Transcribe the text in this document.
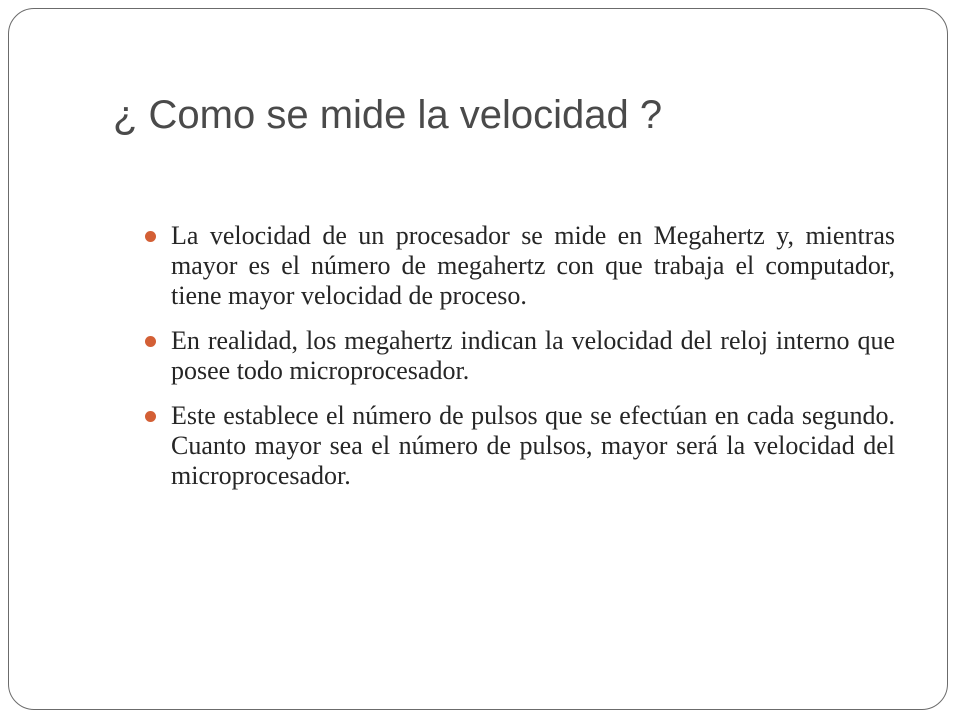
¿ Como se mide la velocidad ?
La velocidad de un procesador se mide en Megahertz y, mientras mayor es el número de megahertz con que trabaja el computador, tiene mayor velocidad de proceso.
En realidad, los megahertz indican la velocidad del reloj interno que posee todo microprocesador.
Este establece el número de pulsos que se efectúan en cada segundo. Cuanto mayor sea el número de pulsos, mayor será la velocidad del microprocesador.
